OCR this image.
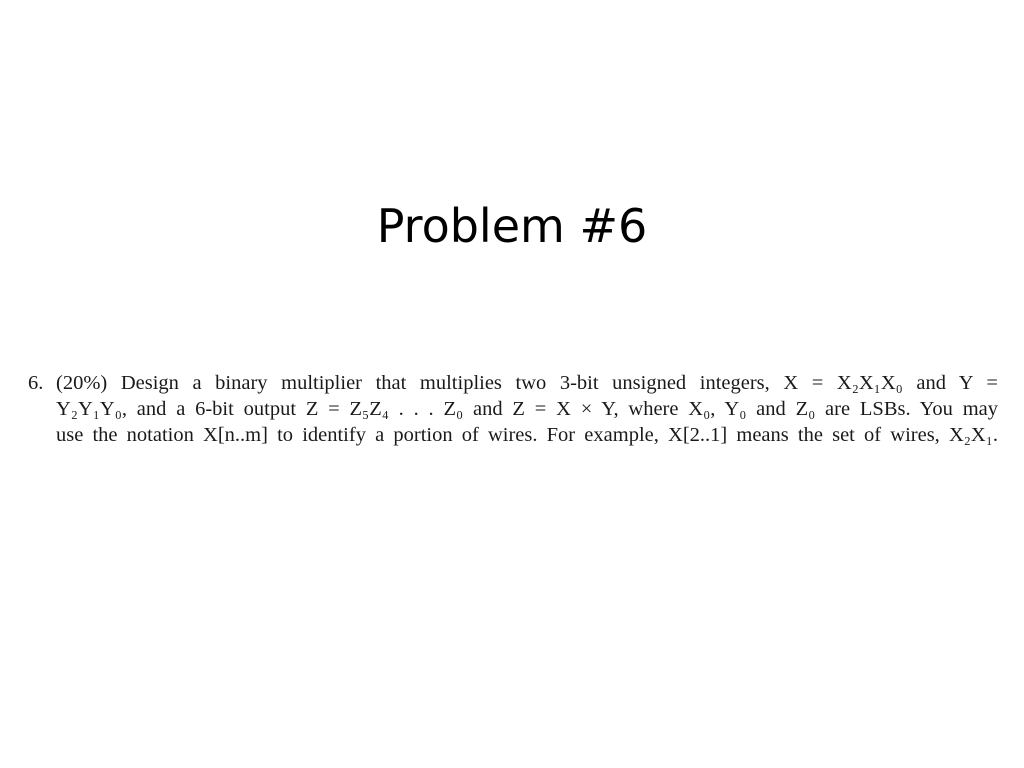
Problem #6
6. (20%) Design a binary multiplier that multiplies two 3-bit unsigned integers, X = X₂X₁X₀ and Y =
Y₂Y₁Y₀, and a 6-bit output Z = Z₅Z₄ . . . Z₀ and Z = X × Y, where X₀, Y₀ and Z₀ are LSBs. You may
use the notation X[n..m] to identify a portion of wires. For example, X[2..1] means the set of wires, X₂X₁.
